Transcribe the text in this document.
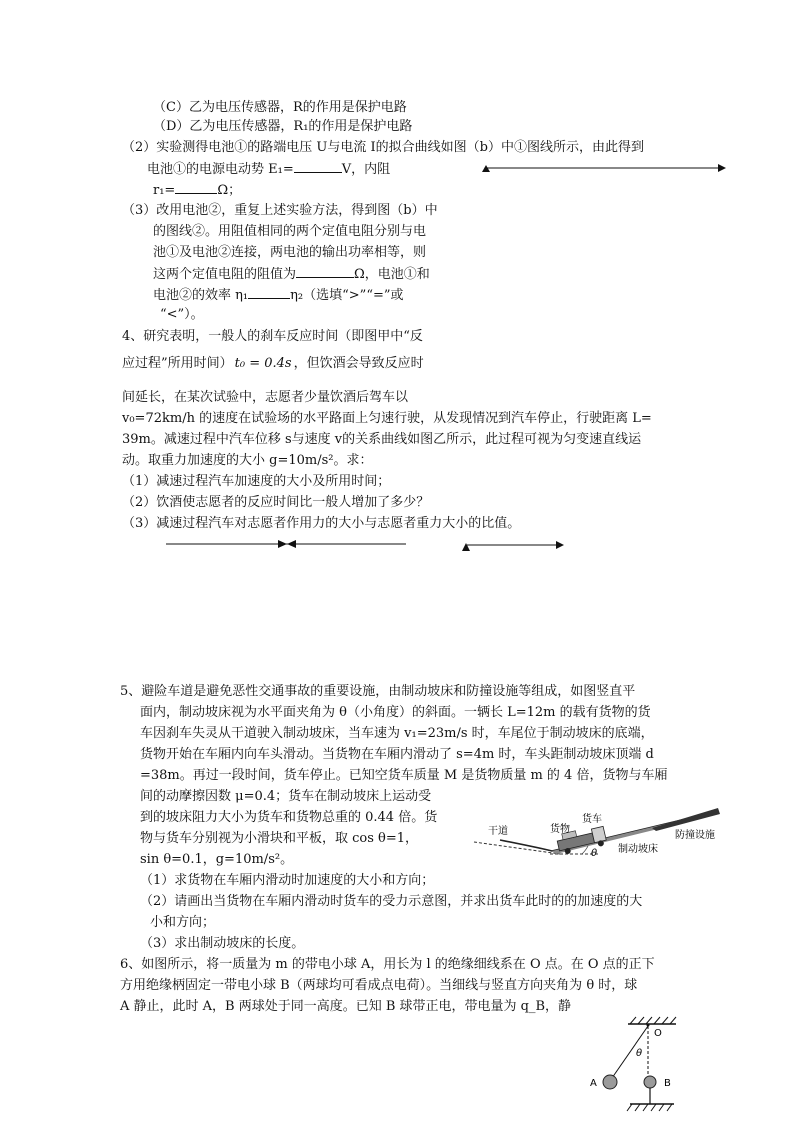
（C）乙为电压传感器，R的作用是保护电路
（D）乙为电压传感器，R₁的作用是保护电路
（2）实验测得电池①的路端电压 U与电流 I的拟合曲线如图（b）中①图线所示，由此得到
电池①的电源电动势 E₁=	V，内阻
r₁=	Ω；
（3）改用电池②，重复上述实验方法，得到图（b）中
的图线②。用阻值相同的两个定值电阻分别与电
池①及电池②连接，两电池的输出功率相等，则
这两个定值电阻的阻值为	Ω，电池①和
电池②的效率 η₁	η₂（选填“>”“=”或
“<”）。
4、研究表明，一般人的刹车反应时间（即图甲中“反
应过程”所用时间） t₀ = 0.4s ，但饮酒会导致反应时
间延长，在某次试验中，志愿者少量饮酒后驾车以
v₀=72km/h 的速度在试验场的水平路面上匀速行驶，从发现情况到汽车停止，行驶距离 L=
39m。减速过程中汽车位移 s与速度 v的关系曲线如图乙所示，此过程可视为匀变速直线运
动。取重力加速度的大小 g=10m/s²。求：
（1）减速过程汽车加速度的大小及所用时间；
（2）饮酒使志愿者的反应时间比一般人增加了多少？
（3）减速过程汽车对志愿者作用力的大小与志愿者重力大小的比值。
5、避险车道是避免恶性交通事故的重要设施，由制动坡床和防撞设施等组成，如图竖直平
面内，制动坡床视为水平面夹角为 θ（小角度）的斜面。一辆长 L=12m 的载有货物的货
车因刹车失灵从干道驶入制动坡床，当车速为 v₁=23m/s 时，车尾位于制动坡床的底端，
货物开始在车厢内向车头滑动。当货物在车厢内滑动了 s=4m 时，车头距制动坡床顶端 d
=38m。再过一段时间，货车停止。已知空货车质量 M 是货物质量 m 的 4 倍，货物与车厢
间的动摩擦因数 μ=0.4；货车在制动坡床上运动受
到的坡床阻力大小为货车和货物总重的 0.44 倍。货
物与货车分别视为小滑块和平板，取 cos θ=1，
sin θ=0.1，g=10m/s²。
（1）求货物在车厢内滑动时加速度的大小和方向；
（2）请画出当货物在车厢内滑动时货车的受力示意图，并求出货车此时的的加速度的大
小和方向；
（3）求出制动坡床的长度。
干道	货物
货车
防撞设施
制动坡床
θ
6、如图所示，将一质量为 m 的带电小球 A，用长为 l 的绝缘细线系在 O 点。在 O 点的正下
方用绝缘柄固定一带电小球 B（两球均可看成点电荷）。当细线与竖直方向夹角为 θ 时，球
A 静止，此时 A，B 两球处于同一高度。已知 B 球带正电，带电量为 q_B，静
O
θ
A	B
